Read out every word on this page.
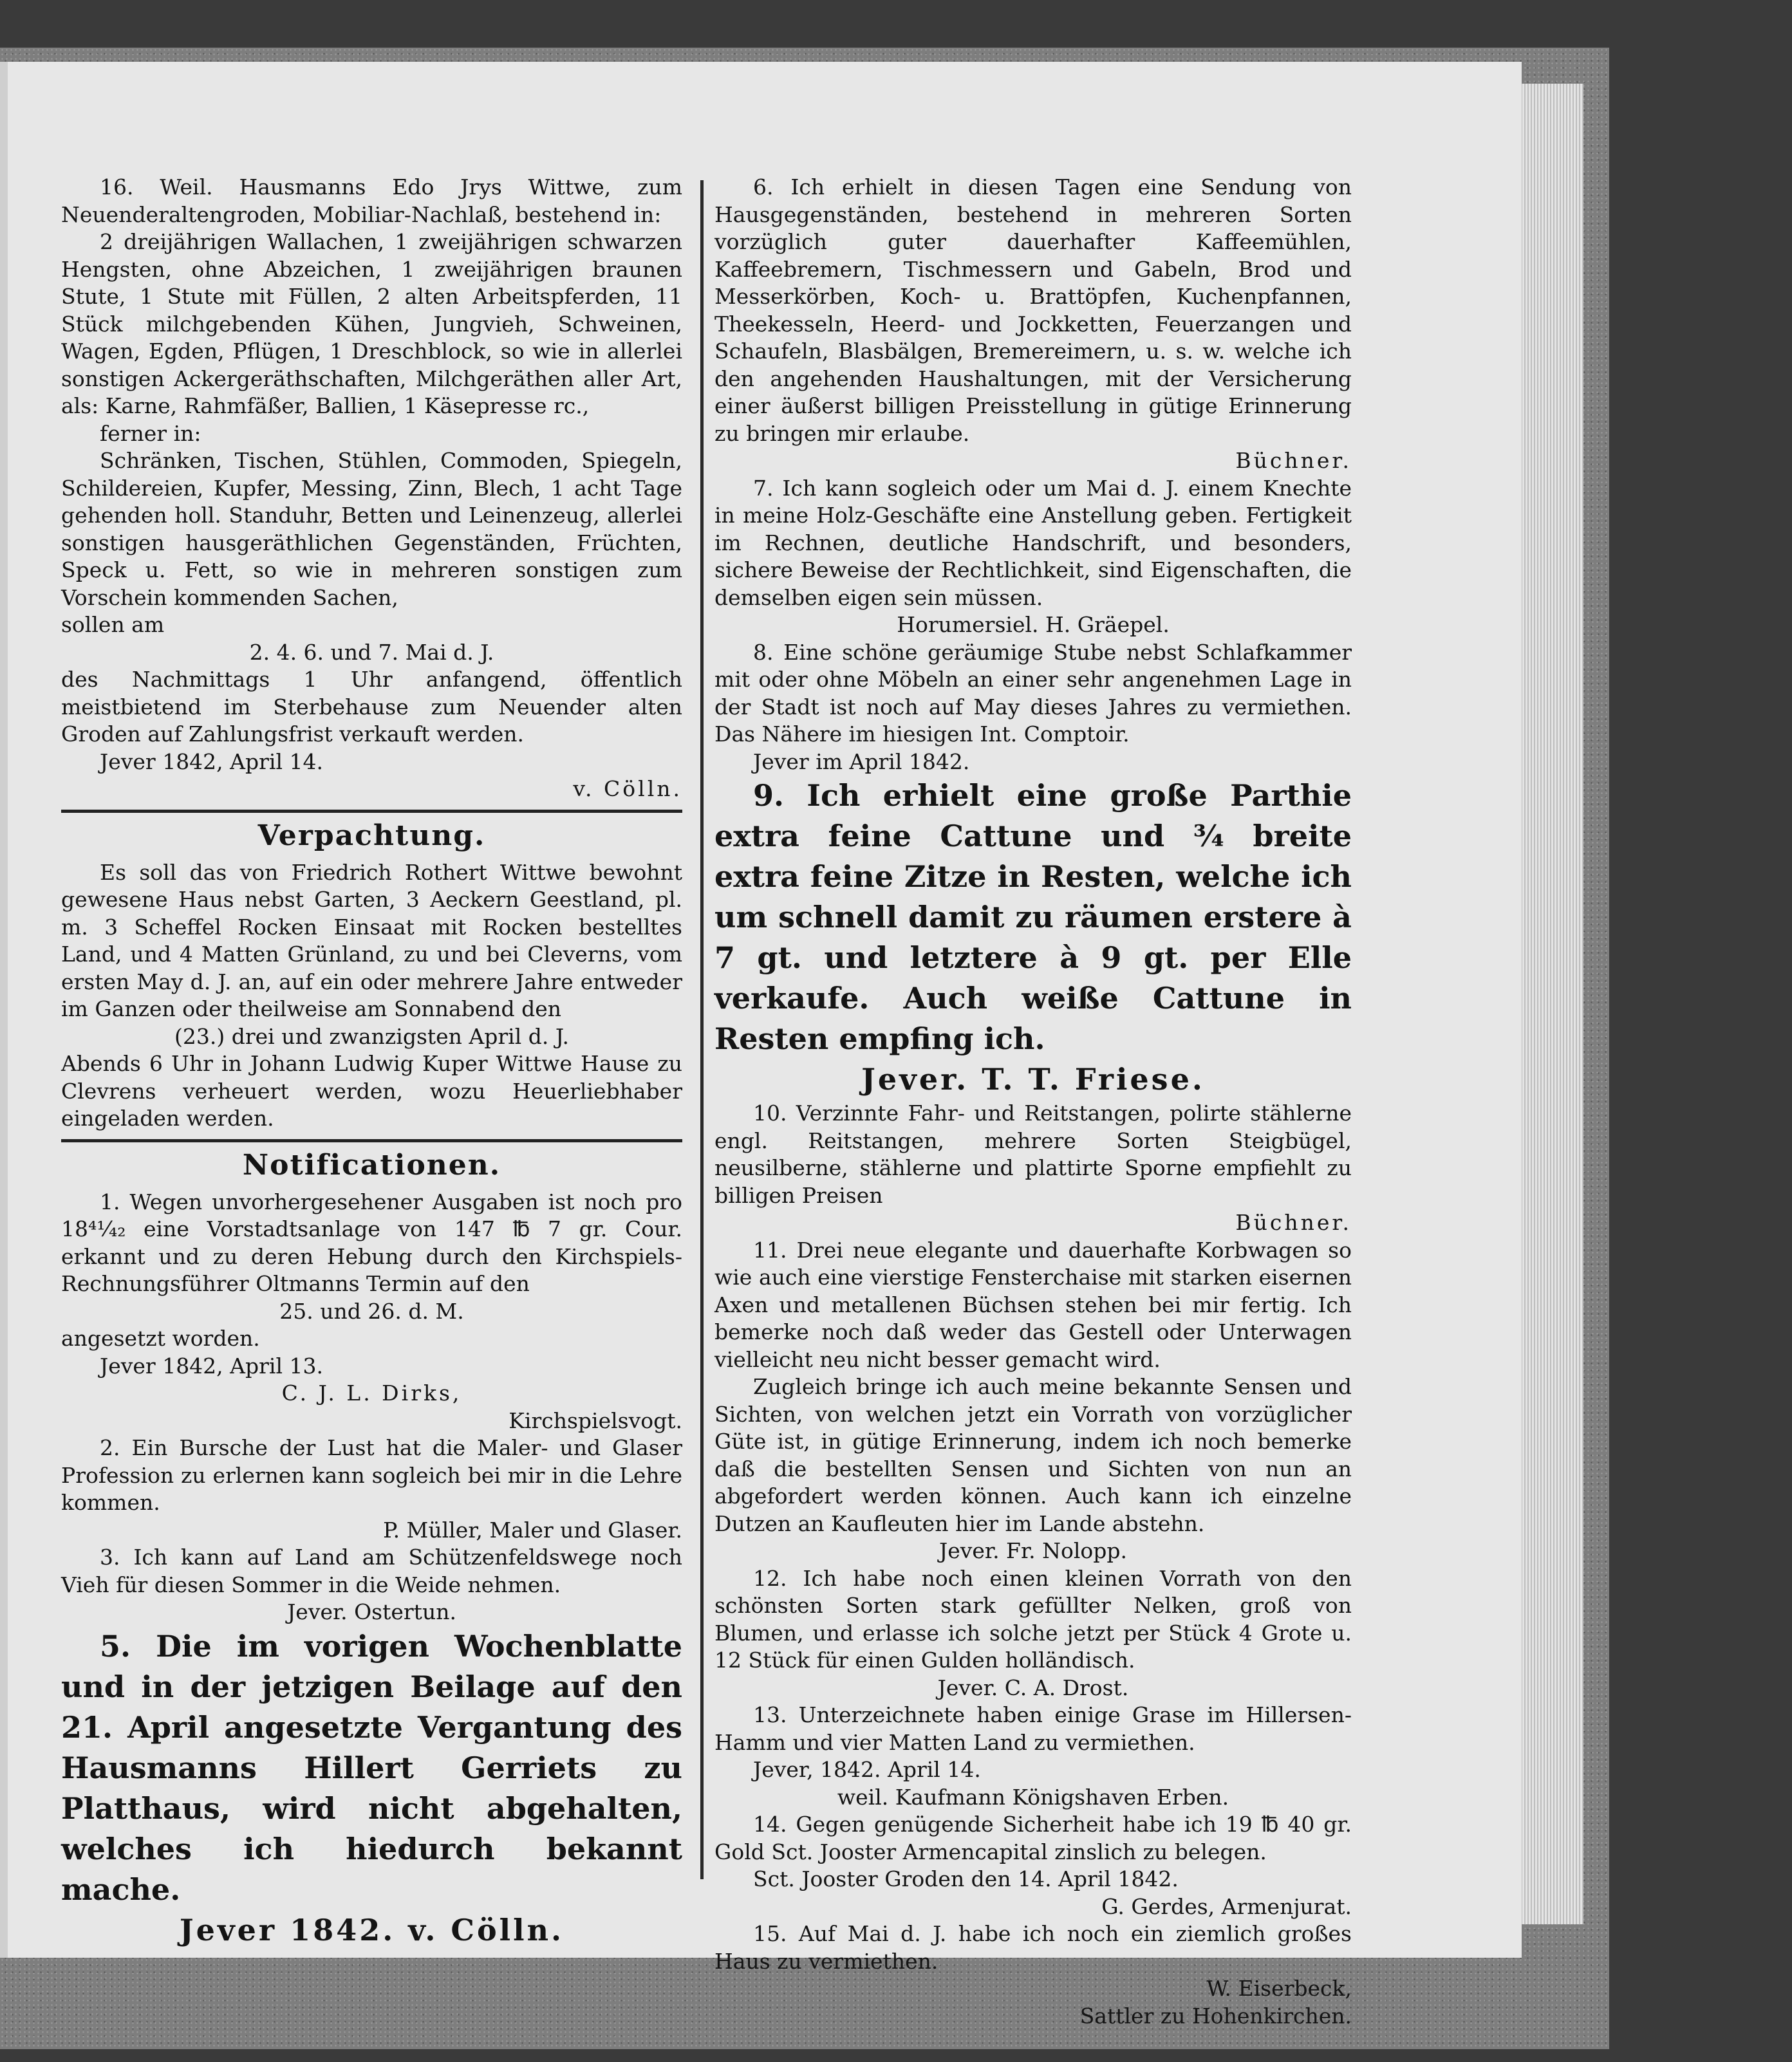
16. Weil. Hausmanns Edo Jrys Wittwe, zum Neuenderaltengroden, Mobiliar-Nachlaß, bestehend in:

2 dreijährigen Wallachen, 1 zweijährigen schwarzen Hengsten, ohne Abzeichen, 1 zweijährigen braunen Stute, 1 Stute mit Füllen, 2 alten Arbeitspferden, 11 Stück milchgebenden Kühen, Jungvieh, Schweinen, Wagen, Egden, Pflügen, 1 Dreschblock, so wie in allerlei sonstigen Ackergeräthschaften, Milchgeräthen aller Art, als: Karne, Rahmfäßer, Ballien, 1 Käsepresse rc.,

ferner in:

Schränken, Tischen, Stühlen, Commoden, Spiegeln, Schildereien, Kupfer, Messing, Zinn, Blech, 1 acht Tage gehenden holl. Standuhr, Betten und Leinenzeug, allerlei sonstigen hausgeräthlichen Gegenständen, Früchten, Speck u. Fett, so wie in mehreren sonstigen zum Vorschein kommenden Sachen,

sollen am

2. 4. 6. und 7. Mai d. J.

des Nachmittags 1 Uhr anfangend, öffentlich meistbietend im Sterbehause zum Neuender alten Groden auf Zahlungsfrist verkauft werden.

Jever 1842, April 14.

v. Cölln.

Verpachtung.

Es soll das von Friedrich Rothert Wittwe bewohnt gewesene Haus nebst Garten, 3 Aeckern Geestland, pl. m. 3 Scheffel Rocken Einsaat mit Rocken bestelltes Land, und 4 Matten Grünland, zu und bei Cleverns, vom ersten May d. J. an, auf ein oder mehrere Jahre entweder im Ganzen oder theilweise am Sonnabend den

(23.) drei und zwanzigsten April d. J.

Abends 6 Uhr in Johann Ludwig Kuper Wittwe Hause zu Clevrens verheuert werden, wozu Heuerliebhaber eingeladen werden.

Notificationen.

1. Wegen unvorhergesehener Ausgaben ist noch pro 18⁴¹⁄₄₂ eine Vorstadtsanlage von 147 ℔ 7 gr. Cour. erkannt und zu deren Hebung durch den Kirchspiels-Rechnungsführer Oltmanns Termin auf den

25. und 26. d. M.

angesetzt worden.

Jever 1842, April 13.

C. J. L. Dirks,

Kirchspielsvogt.

2. Ein Bursche der Lust hat die Maler- und Glaser Profession zu erlernen kann sogleich bei mir in die Lehre kommen.

P. Müller, Maler und Glaser.

3. Ich kann auf Land am Schützenfeldswege noch Vieh für diesen Sommer in die Weide nehmen.

Jever. Ostertun.

5. Die im vorigen Wochenblatte und in der jetzigen Beilage auf den 21. April angesetzte Vergantung des Hausmanns Hillert Gerriets zu Platthaus, wird nicht abgehalten, welches ich hiedurch bekannt mache.

Jever 1842. v. Cölln.

6. Ich erhielt in diesen Tagen eine Sendung von Hausgegenständen, bestehend in mehreren Sorten vorzüglich guter dauerhafter Kaffeemühlen, Kaffeebremern, Tischmessern und Gabeln, Brod und Messerkörben, Koch- u. Brattöpfen, Kuchenpfannen, Theekesseln, Heerd- und Jockketten, Feuerzangen und Schaufeln, Blasbälgen, Bremereimern, u. s. w. welche ich den angehenden Haushaltungen, mit der Versicherung einer äußerst billigen Preisstellung in gütige Erinnerung zu bringen mir erlaube.

Büchner.

7. Ich kann sogleich oder um Mai d. J. einem Knechte in meine Holz-Geschäfte eine Anstellung geben. Fertigkeit im Rechnen, deutliche Handschrift, und besonders, sichere Beweise der Rechtlichkeit, sind Eigenschaften, die demselben eigen sein müssen.

Horumersiel. H. Gräepel.

8. Eine schöne geräumige Stube nebst Schlafkammer mit oder ohne Möbeln an einer sehr angenehmen Lage in der Stadt ist noch auf May dieses Jahres zu vermiethen. Das Nähere im hiesigen Int. Comptoir.

Jever im April 1842.

9. Ich erhielt eine große Parthie extra feine Cattune und ¾ breite extra feine Zitze in Resten, welche ich um schnell damit zu räumen erstere à 7 gt. und letztere à 9 gt. per Elle verkaufe. Auch weiße Cattune in Resten empfing ich.

Jever. T. T. Friese.

10. Verzinnte Fahr- und Reitstangen, polirte stählerne engl. Reitstangen, mehrere Sorten Steigbügel, neusilberne, stählerne und plattirte Sporne empfiehlt zu billigen Preisen

Büchner.

11. Drei neue elegante und dauerhafte Korbwagen so wie auch eine vierstige Fensterchaise mit starken eisernen Axen und metallenen Büchsen stehen bei mir fertig. Ich bemerke noch daß weder das Gestell oder Unterwagen vielleicht neu nicht besser gemacht wird.

Zugleich bringe ich auch meine bekannte Sensen und Sichten, von welchen jetzt ein Vorrath von vorzüglicher Güte ist, in gütige Erinnerung, indem ich noch bemerke daß die bestellten Sensen und Sichten von nun an abgefordert werden können. Auch kann ich einzelne Dutzen an Kaufleuten hier im Lande abstehn.

Jever. Fr. Nolopp.

12. Ich habe noch einen kleinen Vorrath von den schönsten Sorten stark gefüllter Nelken, groß von Blumen, und erlasse ich solche jetzt per Stück 4 Grote u. 12 Stück für einen Gulden holländisch.

Jever. C. A. Drost.

13. Unterzeichnete haben einige Grase im Hillersen-Hamm und vier Matten Land zu vermiethen.

Jever, 1842. April 14.

weil. Kaufmann Königshaven Erben.

14. Gegen genügende Sicherheit habe ich 19 ℔ 40 gr. Gold Sct. Jooster Armencapital zinslich zu belegen.

Sct. Jooster Groden den 14. April 1842.

G. Gerdes, Armenjurat.

15. Auf Mai d. J. habe ich noch ein ziemlich großes Haus zu vermiethen.

W. Eiserbeck,

Sattler zu Hohenkirchen.
